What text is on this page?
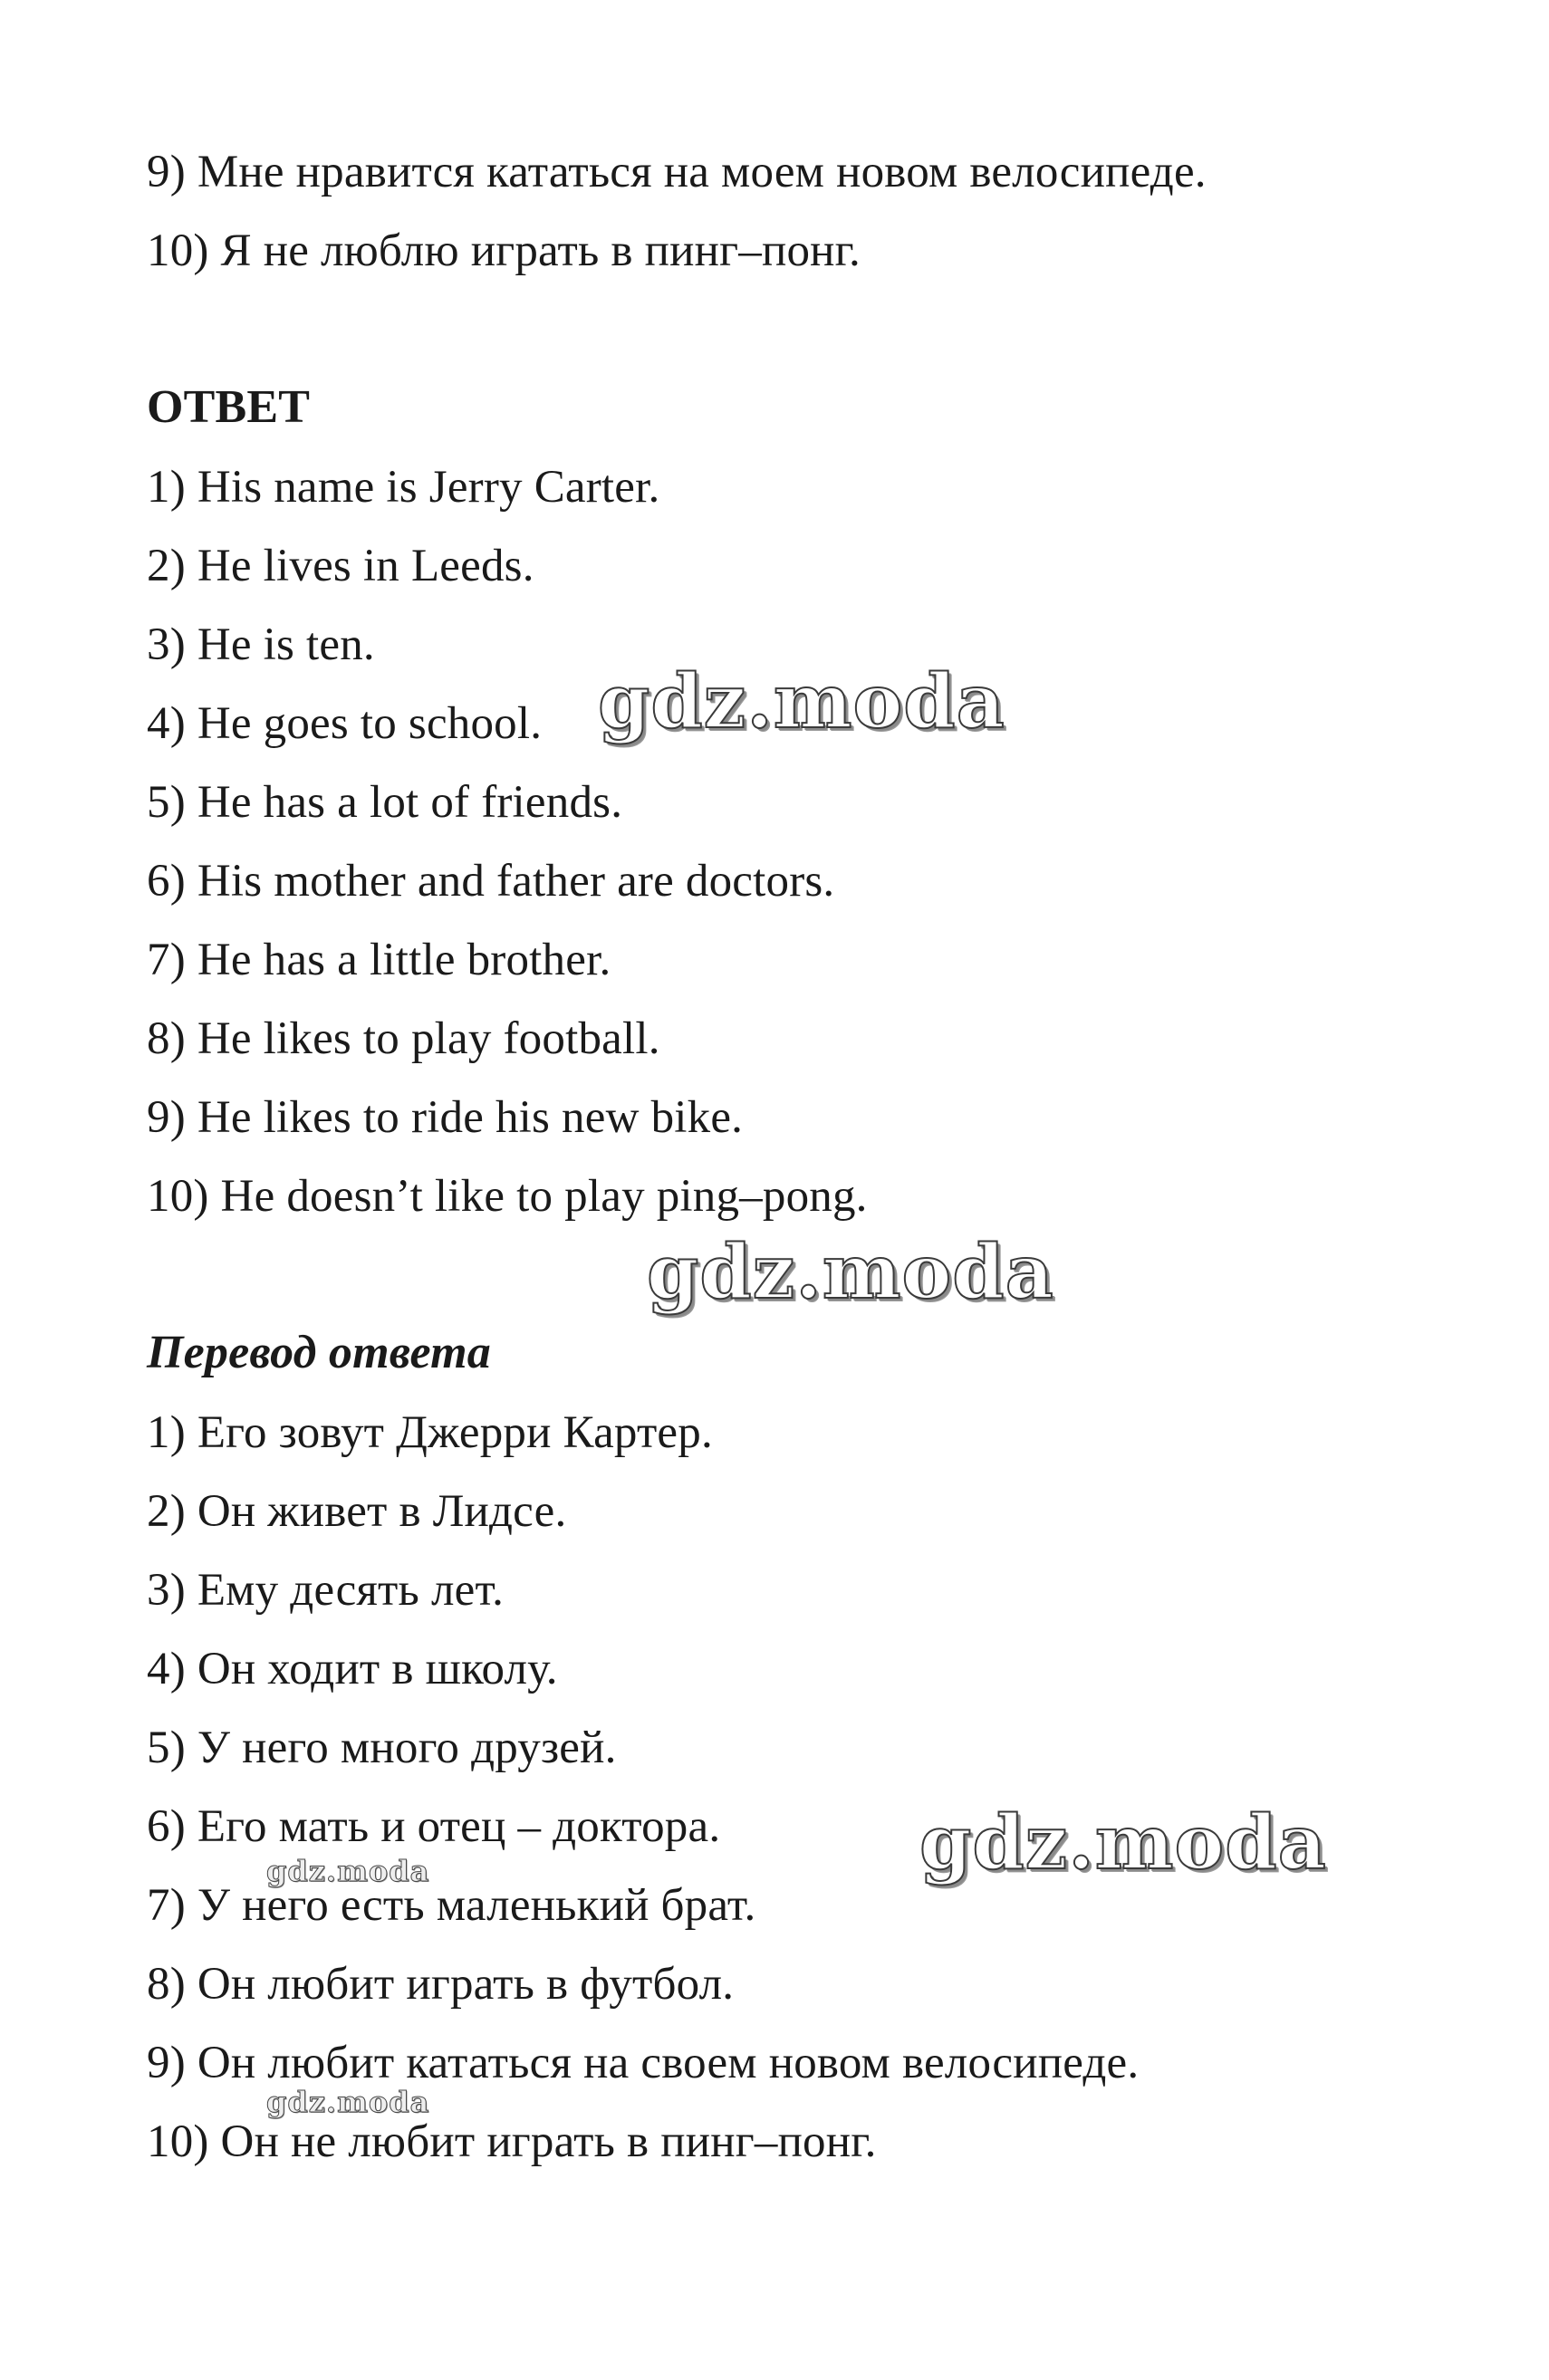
9) Мне нравится кататься на моем новом велосипеде.
10) Я не люблю играть в пинг–понг.
ОТВЕТ
1) His name is Jerry Carter.
2) He lives in Leeds.
3) He is ten.
4) He goes to school.
5) He has a lot of friends.
6) His mother and father are doctors.
7) He has a little brother.
8) He likes to play football.
9) He likes to ride his new bike.
10) He doesn’t like to play ping–pong.
Перевод ответа
1) Его зовут Джерри Картер.
2) Он живет в Лидсе.
3) Ему десять лет.
4) Он ходит в школу.
5) У него много друзей.
6) Его мать и отец – доктора.
7) У него есть маленький брат.
8) Он любит играть в футбол.
9) Он любит кататься на своем новом велосипеде.
10) Он не любит играть в пинг–понг.
gdz.moda
gdz.moda
gdz.moda
gdz.moda
gdz.moda
